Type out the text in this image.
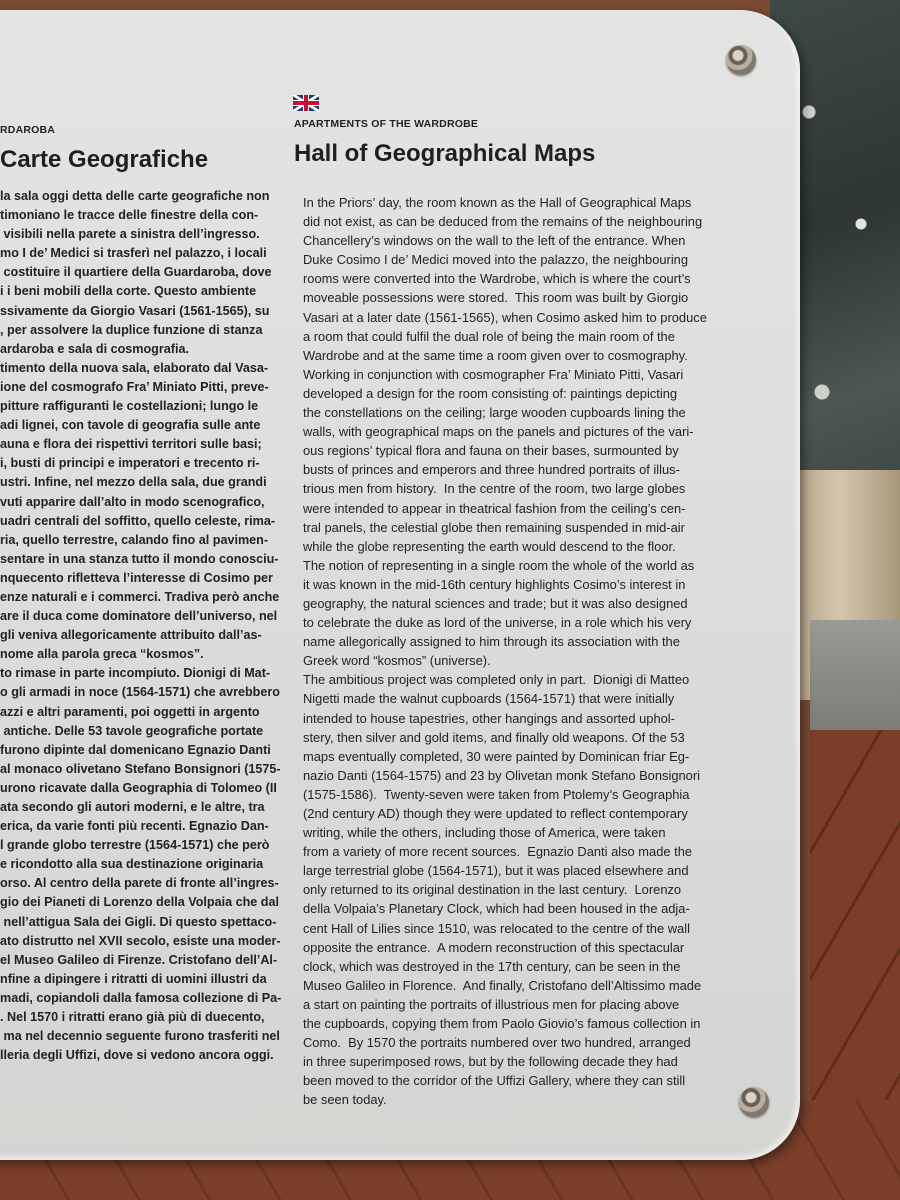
RDAROBA
Carte Geografiche
la sala oggi detta delle carte geografiche non
timoniano le tracce delle finestre della con-
visibili nella parete a sinistra dell’ingresso.
mo I de’ Medici si trasferì nel palazzo, i locali
costituire il quartiere della Guardaroba, dove
i i beni mobili della corte. Questo ambiente
ssivamente da Giorgio Vasari (1561-1565), su
, per assolvere la duplice funzione di stanza
ardaroba e sala di cosmografia.
timento della nuova sala, elaborato dal Vasa-
ione del cosmografo Fra’ Miniato Pitti, preve-
pitture raffiguranti le costellazioni; lungo le
adi lignei, con tavole di geografia sulle ante
auna e flora dei rispettivi territori sulle basi;
i, busti di principi e imperatori e trecento ri-
ustri. Infine, nel mezzo della sala, due grandi
vuti apparire dall’alto in modo scenografico,
uadri centrali del soffitto, quello celeste, rima-
ria, quello terrestre, calando fino al pavimen-
sentare in una stanza tutto il mondo conosciu-
nquecento rifletteva l’interesse di Cosimo per
enze naturali e i commerci. Tradiva però anche
are il duca come dominatore dell’universo, nel
gli veniva allegoricamente attribuito dall’as-
nome alla parola greca “kosmos”.
to rimase in parte incompiuto. Dionigi di Mat-
o gli armadi in noce (1564-1571) che avrebbero
azzi e altri paramenti, poi oggetti in argento
antiche. Delle 53 tavole geografiche portate
furono dipinte dal domenicano Egnazio Danti
al monaco olivetano Stefano Bonsignori (1575-
urono ricavate dalla Geographia di Tolomeo (II
ata secondo gli autori moderni, e le altre, tra
erica, da varie fonti più recenti. Egnazio Dan-
l grande globo terrestre (1564-1571) che però
e ricondotto alla sua destinazione originaria
orso. Al centro della parete di fronte all’ingres-
gio dei Pianeti di Lorenzo della Volpaia che dal
nell’attigua Sala dei Gigli. Di questo spettaco-
ato distrutto nel XVII secolo, esiste una moder-
el Museo Galileo di Firenze. Cristofano dell’Al-
nfine a dipingere i ritratti di uomini illustri da
madi, copiandoli dalla famosa collezione di Pa-
. Nel 1570 i ritratti erano già più di duecento,
ma nel decennio seguente furono trasferiti nel
lleria degli Uffizi, dove si vedono ancora oggi.
APARTMENTS OF THE WARDROBE
Hall of Geographical Maps
In the Priors’ day, the room known as the Hall of Geographical Maps
did not exist, as can be deduced from the remains of the neighbouring
Chancellery’s windows on the wall to the left of the entrance. When
Duke Cosimo I de’ Medici moved into the palazzo, the neighbouring
rooms were converted into the Wardrobe, which is where the court’s
moveable possessions were stored.  This room was built by Giorgio
Vasari at a later date (1561-1565), when Cosimo asked him to produce
a room that could fulfil the dual role of being the main room of the
Wardrobe and at the same time a room given over to cosmography.
Working in conjunction with cosmographer Fra’ Miniato Pitti, Vasari
developed a design for the room consisting of: paintings depicting
the constellations on the ceiling; large wooden cupboards lining the
walls, with geographical maps on the panels and pictures of the vari-
ous regions’ typical flora and fauna on their bases, surmounted by
busts of princes and emperors and three hundred portraits of illus-
trious men from history.  In the centre of the room, two large globes
were intended to appear in theatrical fashion from the ceiling’s cen-
tral panels, the celestial globe then remaining suspended in mid-air
while the globe representing the earth would descend to the floor.
The notion of representing in a single room the whole of the world as
it was known in the mid-16th century highlights Cosimo’s interest in
geography, the natural sciences and trade; but it was also designed
to celebrate the duke as lord of the universe, in a role which his very
name allegorically assigned to him through its association with the
Greek word “kosmos” (universe).
The ambitious project was completed only in part.  Dionigi di Matteo
Nigetti made the walnut cupboards (1564-1571) that were initially
intended to house tapestries, other hangings and assorted uphol-
stery, then silver and gold items, and finally old weapons. Of the 53
maps eventually completed, 30 were painted by Dominican friar Eg-
nazio Danti (1564-1575) and 23 by Olivetan monk Stefano Bonsignori
(1575-1586).  Twenty-seven were taken from Ptolemy’s Geographia
(2nd century AD) though they were updated to reflect contemporary
writing, while the others, including those of America, were taken
from a variety of more recent sources.  Egnazio Danti also made the
large terrestrial globe (1564-1571), but it was placed elsewhere and
only returned to its original destination in the last century.  Lorenzo
della Volpaia’s Planetary Clock, which had been housed in the adja-
cent Hall of Lilies since 1510, was relocated to the centre of the wall
opposite the entrance.  A modern reconstruction of this spectacular
clock, which was destroyed in the 17th century, can be seen in the
Museo Galileo in Florence.  And finally, Cristofano dell’Altissimo made
a start on painting the portraits of illustrious men for placing above
the cupboards, copying them from Paolo Giovio’s famous collection in
Como.  By 1570 the portraits numbered over two hundred, arranged
in three superimposed rows, but by the following decade they had
been moved to the corridor of the Uffizi Gallery, where they can still
be seen today.
